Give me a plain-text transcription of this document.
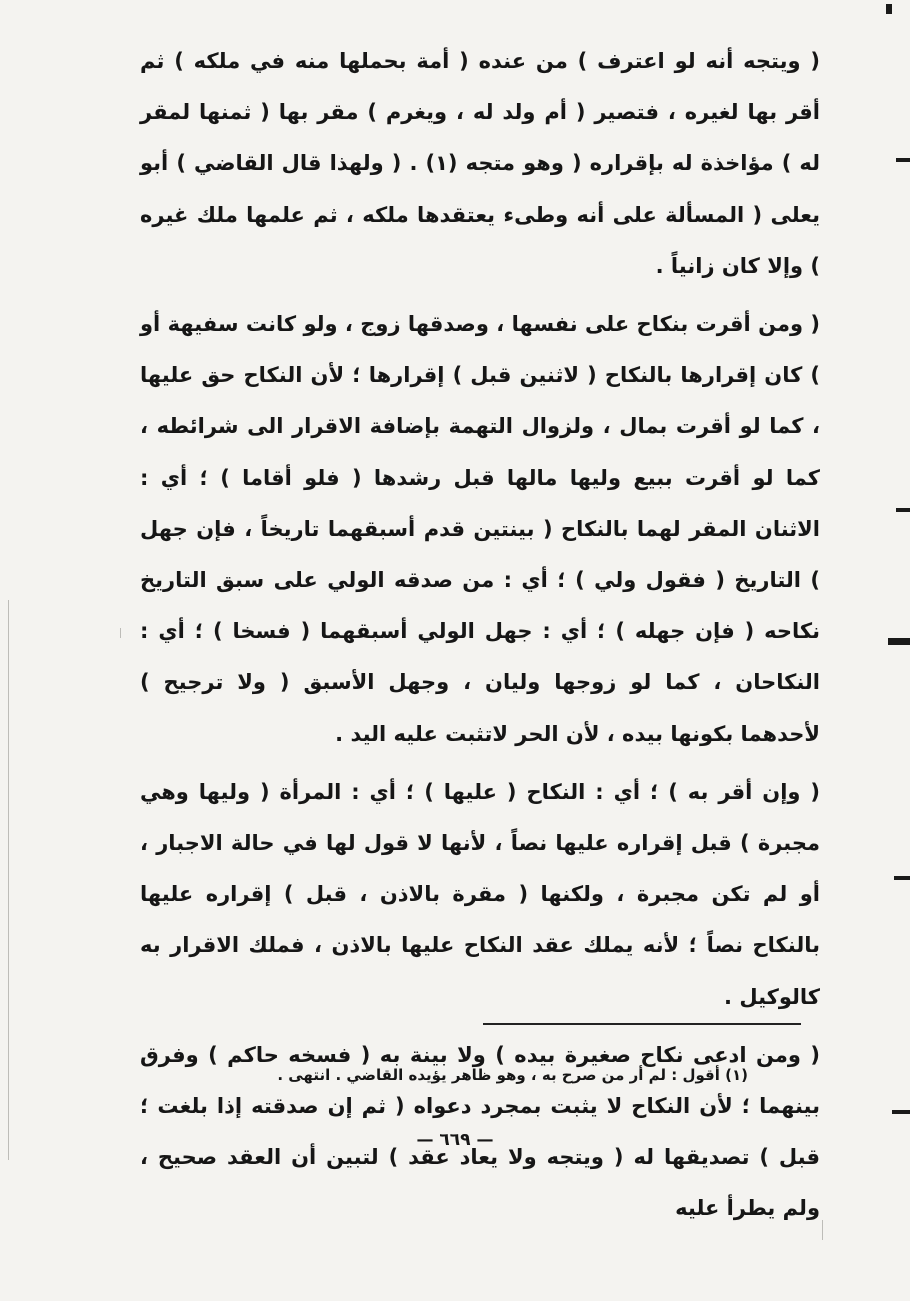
( ويتجه أنه لو اعترف ) من عنده ( أمة بحملها منه في ملكه ) ثم أقر بها لغيره ، فتصير ( أم ولد له ، ويغرم ) مقر بها ( ثمنها لمقر له ) مؤاخذة له بإقراره ( وهو متجه (١) . ( ولهذا قال القاضي ) أبو يعلى ( المسألة على أنه وطىء يعتقدها ملكه ، ثم علمها ملك غيره ) وإلا كان زانياً .

( ومن أقرت بنكاح على نفسها ، وصدقها زوج ، ولو كانت سفيهة أو ) كان إقرارها بالنكاح ( لاثنين قبل ) إقرارها ؛ لأن النكاح حق عليها ، كما لو أقرت بمال ، ولزوال التهمة بإضافة الاقرار الى شرائطه ، كما لو أقرت ببيع وليها مالها قبل رشدها ( فلو أقاما ) ؛ أي : الاثنان المقر لهما بالنكاح ( بينتين قدم أسبقهما تاريخاً ، فإن جهل ) التاريخ ( فقول ولي ) ؛ أي : من صدقه الولي على سبق التاريخ نكاحه ( فإن جهله ) ؛ أي : جهل الولي أسبقهما ( فسخا ) ؛ أي : النكاحان ، كما لو زوجها وليان ، وجهل الأسبق ( ولا ترجيح ) لأحدهما بكونها بيده ، لأن الحر لاتثبت عليه اليد .

( وإن أقر به ) ؛ أي : النكاح ( عليها ) ؛ أي : المرأة ( وليها وهي مجبرة ) قبل إقراره عليها نصاً ، لأنها لا قول لها في حالة الاجبار ، أو لم تكن مجبرة ، ولكنها ( مقرة بالاذن ، قبل ) إقراره عليها بالنكاح نصاً ؛ لأنه يملك عقد النكاح عليها بالاذن ، فملك الاقرار به كالوكيل .

( ومن ادعى نكاح صغيرة بيده ) ولا بينة به ( فسخه حاكم ) وفرق بينهما ؛ لأن النكاح لا يثبت بمجرد دعواه ( ثم إن صدقته إذا بلغت ؛ قبل ) تصديقها له ( ويتجه ولا يعاد عقد ) لتبين أن العقد صحيح ، ولم يطرأ عليه

(١) أقول : لم أر من صرح به ، وهو ظاهر يؤيده القاضي . انتهى .
— ٦٦٩ —
